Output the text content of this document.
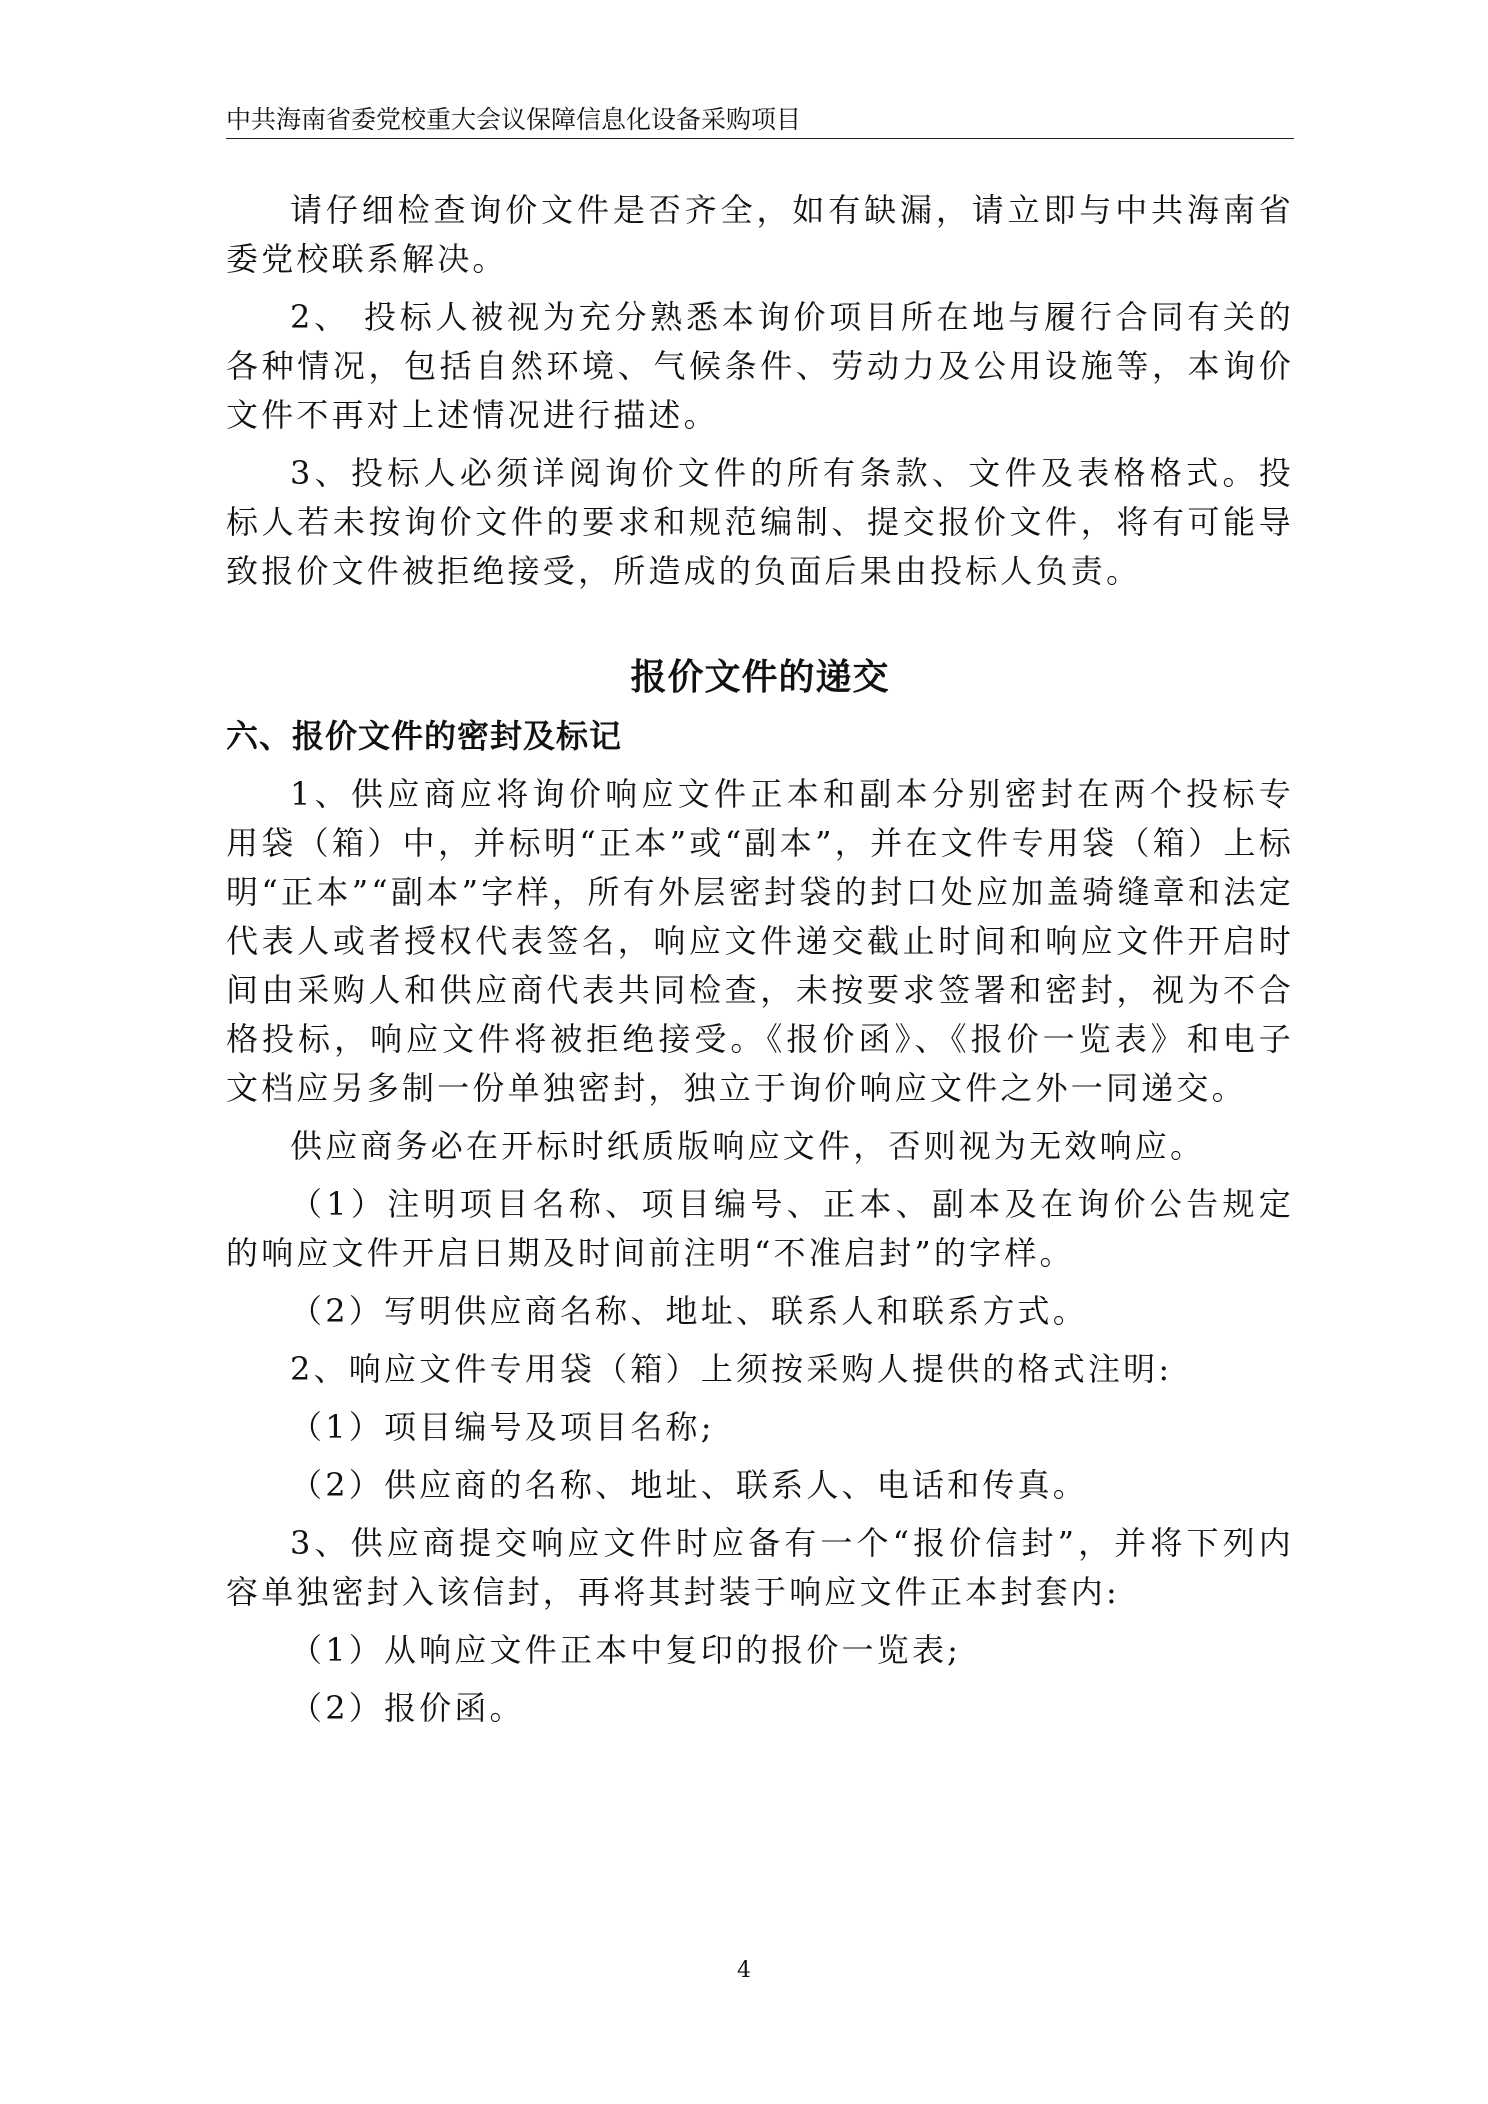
中共海南省委党校重大会议保障信息化设备采购项目

请仔细检查询价文件是否齐全，如有缺漏，请立即与中共海南省委党校联系解决。

2、 投标人被视为充分熟悉本询价项目所在地与履行合同有关的各种情况，包括自然环境、气候条件、劳动力及公用设施等，本询价文件不再对上述情况进行描述。

3、投标人必须详阅询价文件的所有条款、文件及表格格式。投标人若未按询价文件的要求和规范编制、提交报价文件，将有可能导致报价文件被拒绝接受，所造成的负面后果由投标人负责。

报价文件的递交
六、报价文件的密封及标记

1、供应商应将询价响应文件正本和副本分别密封在两个投标专用袋（箱）中，并标明“正本”或“副本”，并在文件专用袋（箱）上标明“正本”“副本”字样，所有外层密封袋的封口处应加盖骑缝章和法定代表人或者授权代表签名，响应文件递交截止时间和响应文件开启时间由采购人和供应商代表共同检查，未按要求签署和密封，视为不合格投标，响应文件将被拒绝接受。《报价函》、《报价一览表》和电子文档应另多制一份单独密封，独立于询价响应文件之外一同递交。

供应商务必在开标时纸质版响应文件，否则视为无效响应。

（1）注明项目名称、项目编号、正本、副本及在询价公告规定的响应文件开启日期及时间前注明“不准启封”的字样。

（2）写明供应商名称、地址、联系人和联系方式。

2、响应文件专用袋（箱）上须按采购人提供的格式注明:

（1）项目编号及项目名称;

（2）供应商的名称、地址、联系人、电话和传真。

3、供应商提交响应文件时应备有一个“报价信封”，并将下列内容单独密封入该信封，再将其封装于响应文件正本封套内:

（1）从响应文件正本中复印的报价一览表;

（2）报价函。

4
